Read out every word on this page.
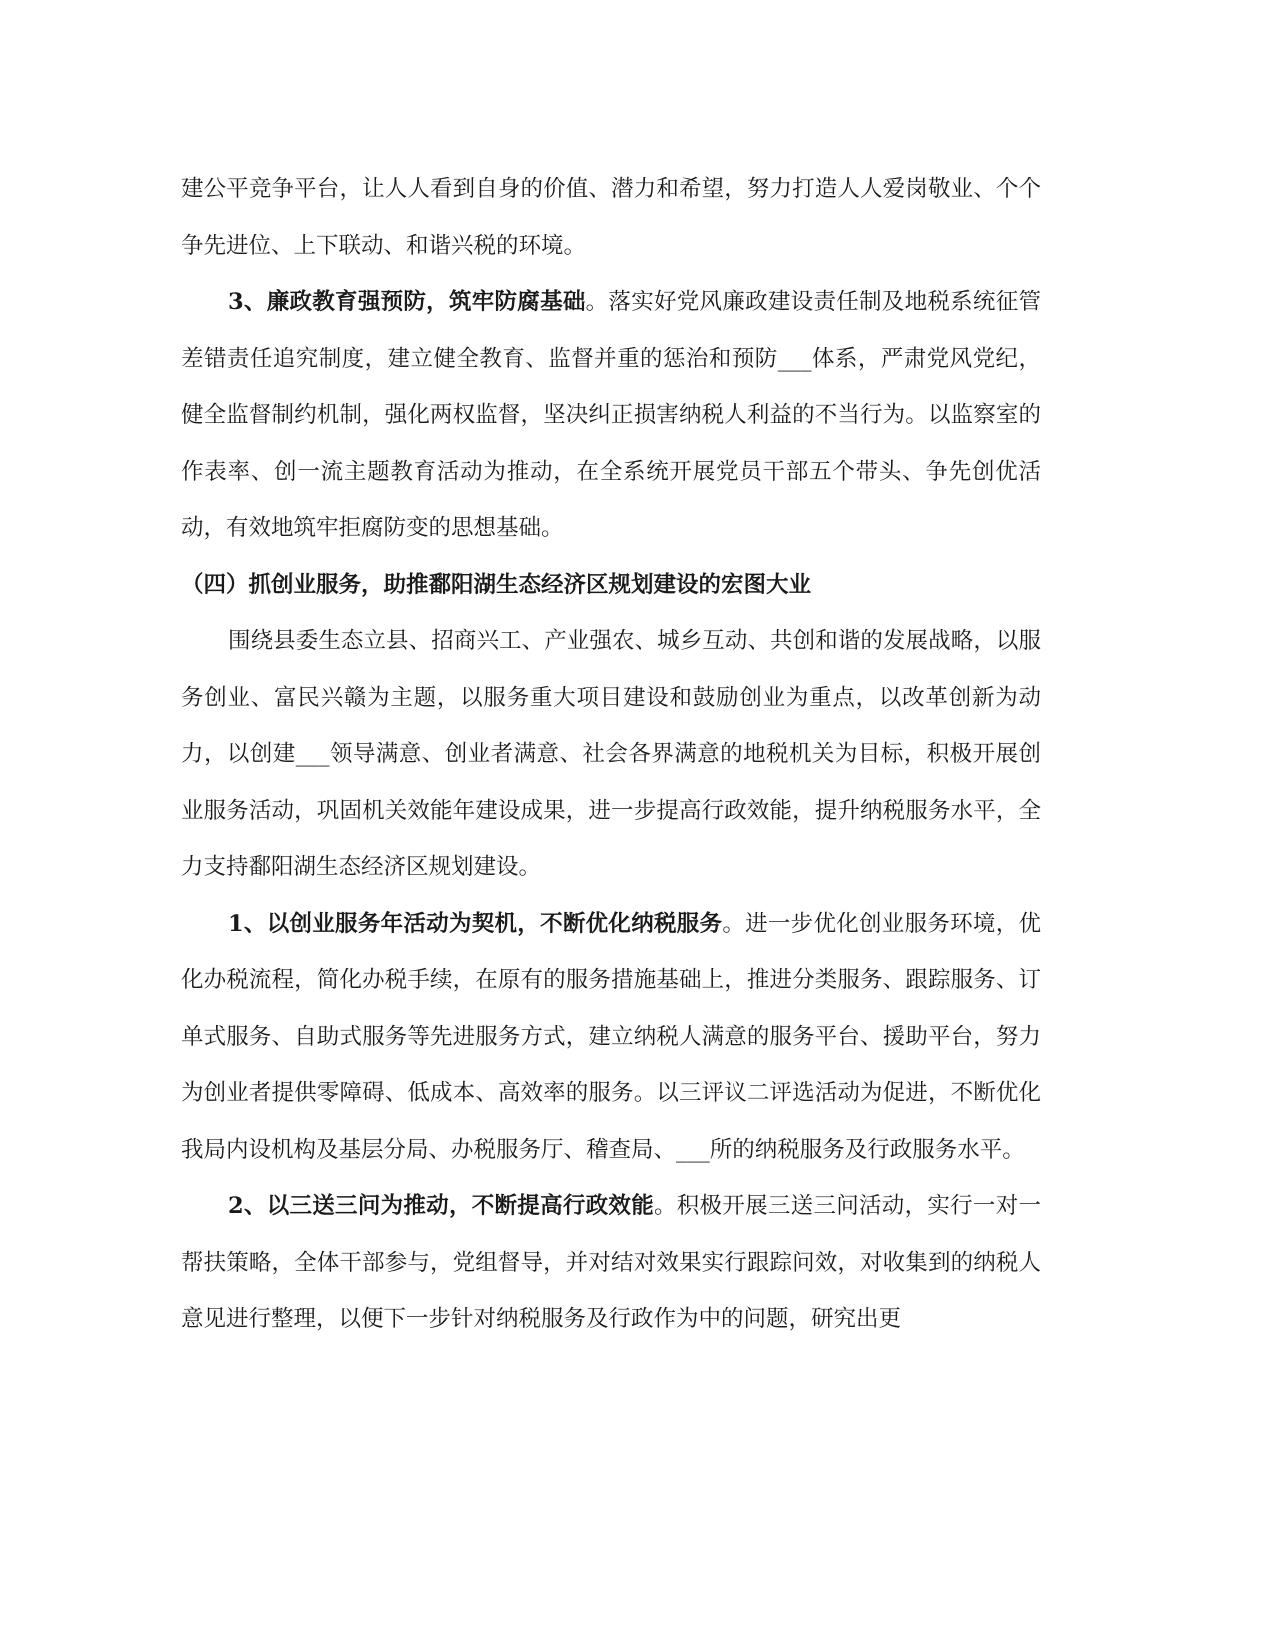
建公平竞争平台，让人人看到自身的价值、潜力和希望，努力打造人人爱岗敬业、个个争先进位、上下联动、和谐兴税的环境。

3、廉政教育强预防，筑牢防腐基础。落实好党风廉政建设责任制及地税系统征管差错责任追究制度，建立健全教育、监督并重的惩治和预防___体系，严肃党风党纪，健全监督制约机制，强化两权监督，坚决纠正损害纳税人利益的不当行为。以监察室的作表率、创一流主题教育活动为推动，在全系统开展党员干部五个带头、争先创优活动，有效地筑牢拒腐防变的思想基础。

（四）抓创业服务，助推鄱阳湖生态经济区规划建设的宏图大业

围绕县委生态立县、招商兴工、产业强农、城乡互动、共创和谐的发展战略，以服务创业、富民兴赣为主题，以服务重大项目建设和鼓励创业为重点，以改革创新为动力，以创建___领导满意、创业者满意、社会各界满意的地税机关为目标，积极开展创业服务活动，巩固机关效能年建设成果，进一步提高行政效能，提升纳税服务水平，全力支持鄱阳湖生态经济区规划建设。

1、以创业服务年活动为契机，不断优化纳税服务。进一步优化创业服务环境，优化办税流程，简化办税手续，在原有的服务措施基础上，推进分类服务、跟踪服务、订单式服务、自助式服务等先进服务方式，建立纳税人满意的服务平台、援助平台，努力为创业者提供零障碍、低成本、高效率的服务。以三评议二评选活动为促进，不断优化我局内设机构及基层分局、办税服务厅、稽查局、___所的纳税服务及行政服务水平。

2、以三送三问为推动，不断提高行政效能。积极开展三送三问活动，实行一对一帮扶策略，全体干部参与，党组督导，并对结对效果实行跟踪问效，对收集到的纳税人意见进行整理，以便下一步针对纳税服务及行政作为中的问题，研究出更
